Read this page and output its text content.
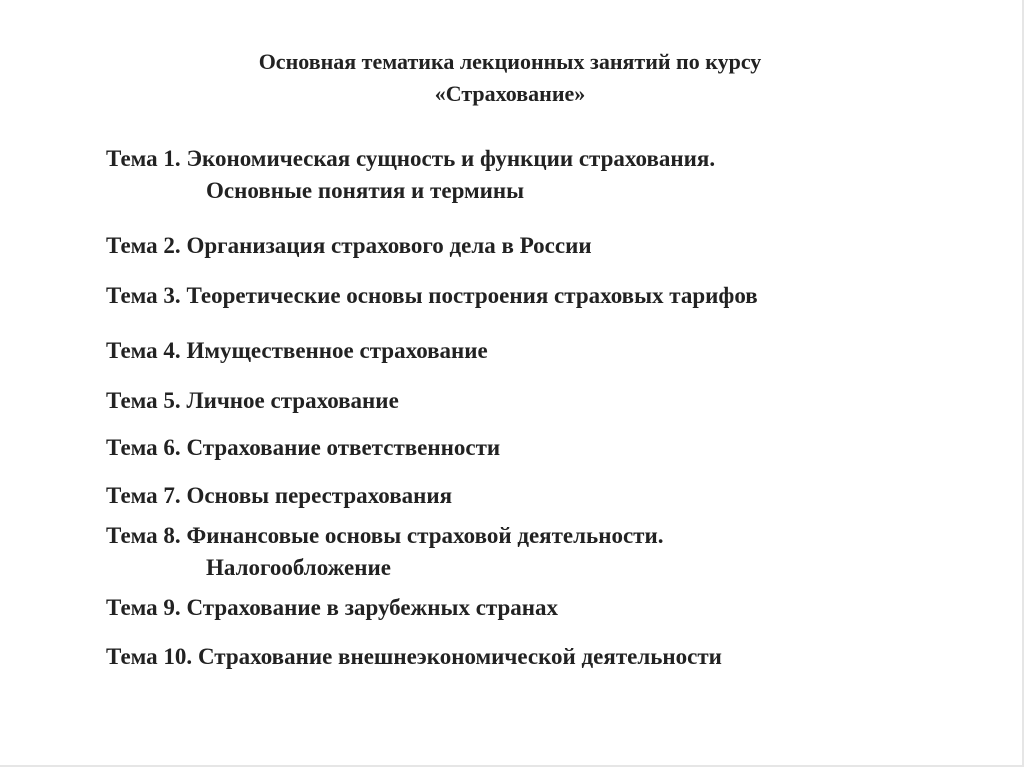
Основная тематика лекционных занятий по курсу
«Страхование»
Тема 1. Экономическая сущность и функции страхования.
Основные понятия и термины
Тема 2. Организация страхового дела в России
Тема 3. Теоретические основы построения страховых тарифов
Тема 4. Имущественное страхование
Тема 5. Личное страхование
Тема 6. Страхование ответственности
Тема 7. Основы перестрахования
Тема 8. Финансовые основы страховой деятельности.
Налогообложение
Тема 9. Страхование в зарубежных странах
Тема 10. Страхование внешнеэкономической деятельности
